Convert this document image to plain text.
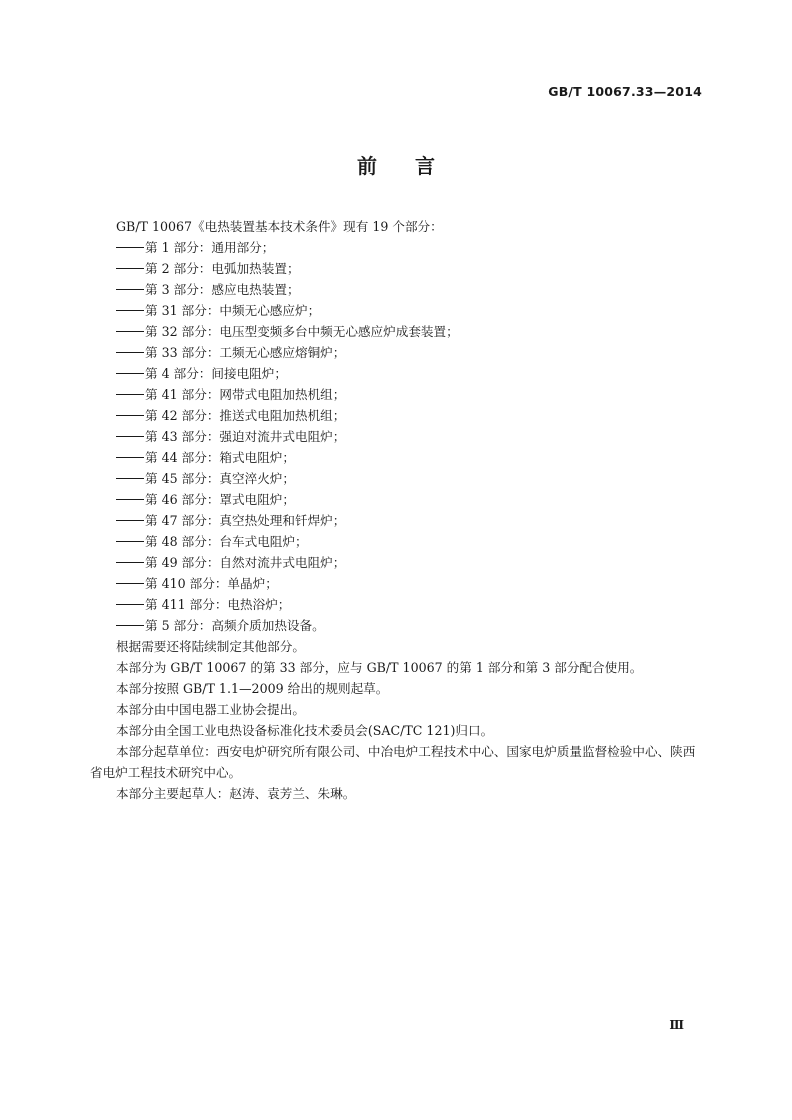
GB/T 10067.33—2014
前言

GB/T 10067《电热装置基本技术条件》现有 19 个部分：

第 1 部分：通用部分；

第 2 部分：电弧加热装置；

第 3 部分：感应电热装置；

第 31 部分：中频无心感应炉；

第 32 部分：电压型变频多台中频无心感应炉成套装置；

第 33 部分：工频无心感应熔铜炉；

第 4 部分：间接电阻炉；

第 41 部分：网带式电阻加热机组；

第 42 部分：推送式电阻加热机组；

第 43 部分：强迫对流井式电阻炉；

第 44 部分：箱式电阻炉；

第 45 部分：真空淬火炉；

第 46 部分：罩式电阻炉；

第 47 部分：真空热处理和钎焊炉；

第 48 部分：台车式电阻炉；

第 49 部分：自然对流井式电阻炉；

第 410 部分：单晶炉；

第 411 部分：电热浴炉；

第 5 部分：高频介质加热设备。

根据需要还将陆续制定其他部分。

本部分为 GB/T 10067 的第 33 部分，应与 GB/T 10067 的第 1 部分和第 3 部分配合使用。

本部分按照 GB/T 1.1—2009 给出的规则起草。

本部分由中国电器工业协会提出。

本部分由全国工业电热设备标准化技术委员会(SAC/TC 121)归口。

本部分起草单位：西安电炉研究所有限公司、中冶电炉工程技术中心、国家电炉质量监督检验中心、陕西省电炉工程技术研究中心。

本部分主要起草人：赵涛、袁芳兰、朱琳。

Ⅲ
